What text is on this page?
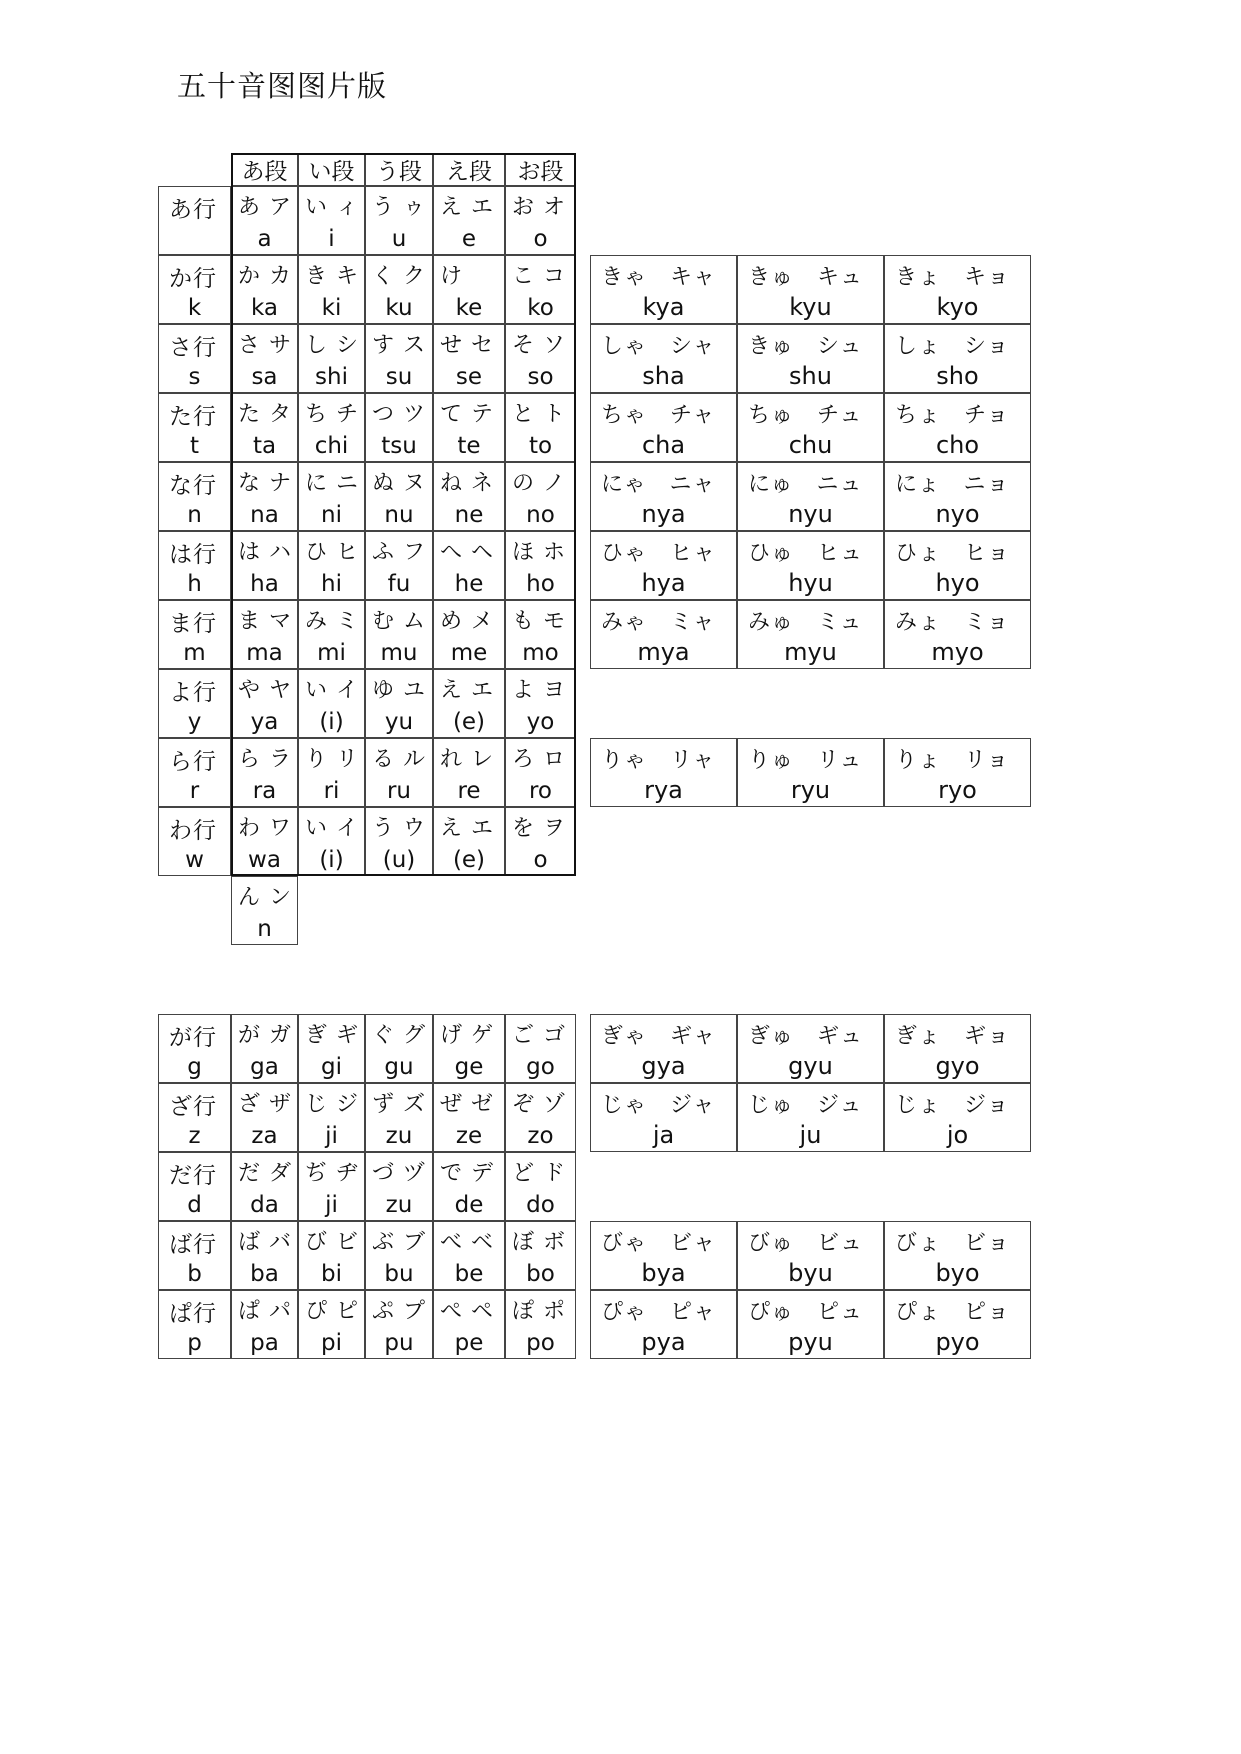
五十音图图片版
あ段 い段 う段	え段	お段
あ行 あ ア
a
い ィ
i
う ゥ
u
え エ
e
お オ
o
か行
k
か カ
ka
き キ
ki
く ク
ku
け
ke
こ コ
ko
さ行
s
さ サ
sa
し シ
shi
す ス
su
せ セ
se
そ ソ
so
た行
t
た タ
ta
ち チ
chi
つ ツ
tsu
て テ
te
と ト
to
な行
n
な ナ
na
に ニ
ni
ぬ ヌ
nu
ね ネ
ne
の ノ
no
は行
h
は ハ
ha
ひ ヒ
hi
ふ フ
fu
へ ヘ
he
ほ ホ
ho
ま行
m
ま マ
ma
み ミ
mi
む ム
mu
め メ
me
も モ
mo
よ行
y
や ヤ
ya
い イ
(i)
ゆ ユ
yu
え エ
(e)
よ ヨ
yo
ら行
r
ら ラ
ra
り リ
ri
る ル
ru
れ レ
re
ろ ロ
ro
わ行
w
わ ワ
wa
い イ
(i)
う ウ
(u)
え エ
(e)
を ヲ
o
ん ン
n
きゃ　キャ
kya
きゅ　キュ
kyu
きょ　キョ
kyo
しゃ　シャ
sha
きゅ　シュ
shu
しょ　ショ
sho
ちゃ　チャ
cha
ちゅ　チュ
chu
ちょ　チョ
cho
にゃ　ニャ
nya
にゅ　ニュ
nyu
にょ　ニョ
nyo
ひゃ　ヒャ
hya
ひゅ　ヒュ
hyu
ひょ　ヒョ
hyo
みゃ　ミャ
mya
みゅ　ミュ
myu
みょ　ミョ
myo
りゃ　リャ
rya
りゅ　リュ
ryu
りょ　リョ
ryo
が行
g
が ガ
ga
ぎ ギ
gi
ぐ グ
gu
げ ゲ
ge
ご ゴ
go
ざ行
z
ざ ザ
za
じ ジ
ji
ず ズ
zu
ぜ ゼ
ze
ぞ ゾ
zo
だ行
d
だ ダ
da
ぢ ヂ
ji
づ ヅ
zu
で デ
de
ど ド
do
ば行
b
ば バ
ba
び ビ
bi
ぶ ブ
bu
べ ベ
be
ぼ ボ
bo
ぱ行
p
ぱ パ
pa
ぴ ピ
pi
ぷ プ
pu
ぺ ペ
pe
ぽ ポ
po
ぎゃ　ギャ
gya
ぎゅ　ギュ
gyu
ぎょ　ギョ
gyo
じゃ　ジャ
ja
じゅ　ジュ
ju
じょ　ジョ
jo
びゃ　ビャ
bya
びゅ　ビュ
byu
びょ　ビョ
byo
ぴゃ　ピャ
pya
ぴゅ　ピュ
pyu
ぴょ　ピョ
pyo
